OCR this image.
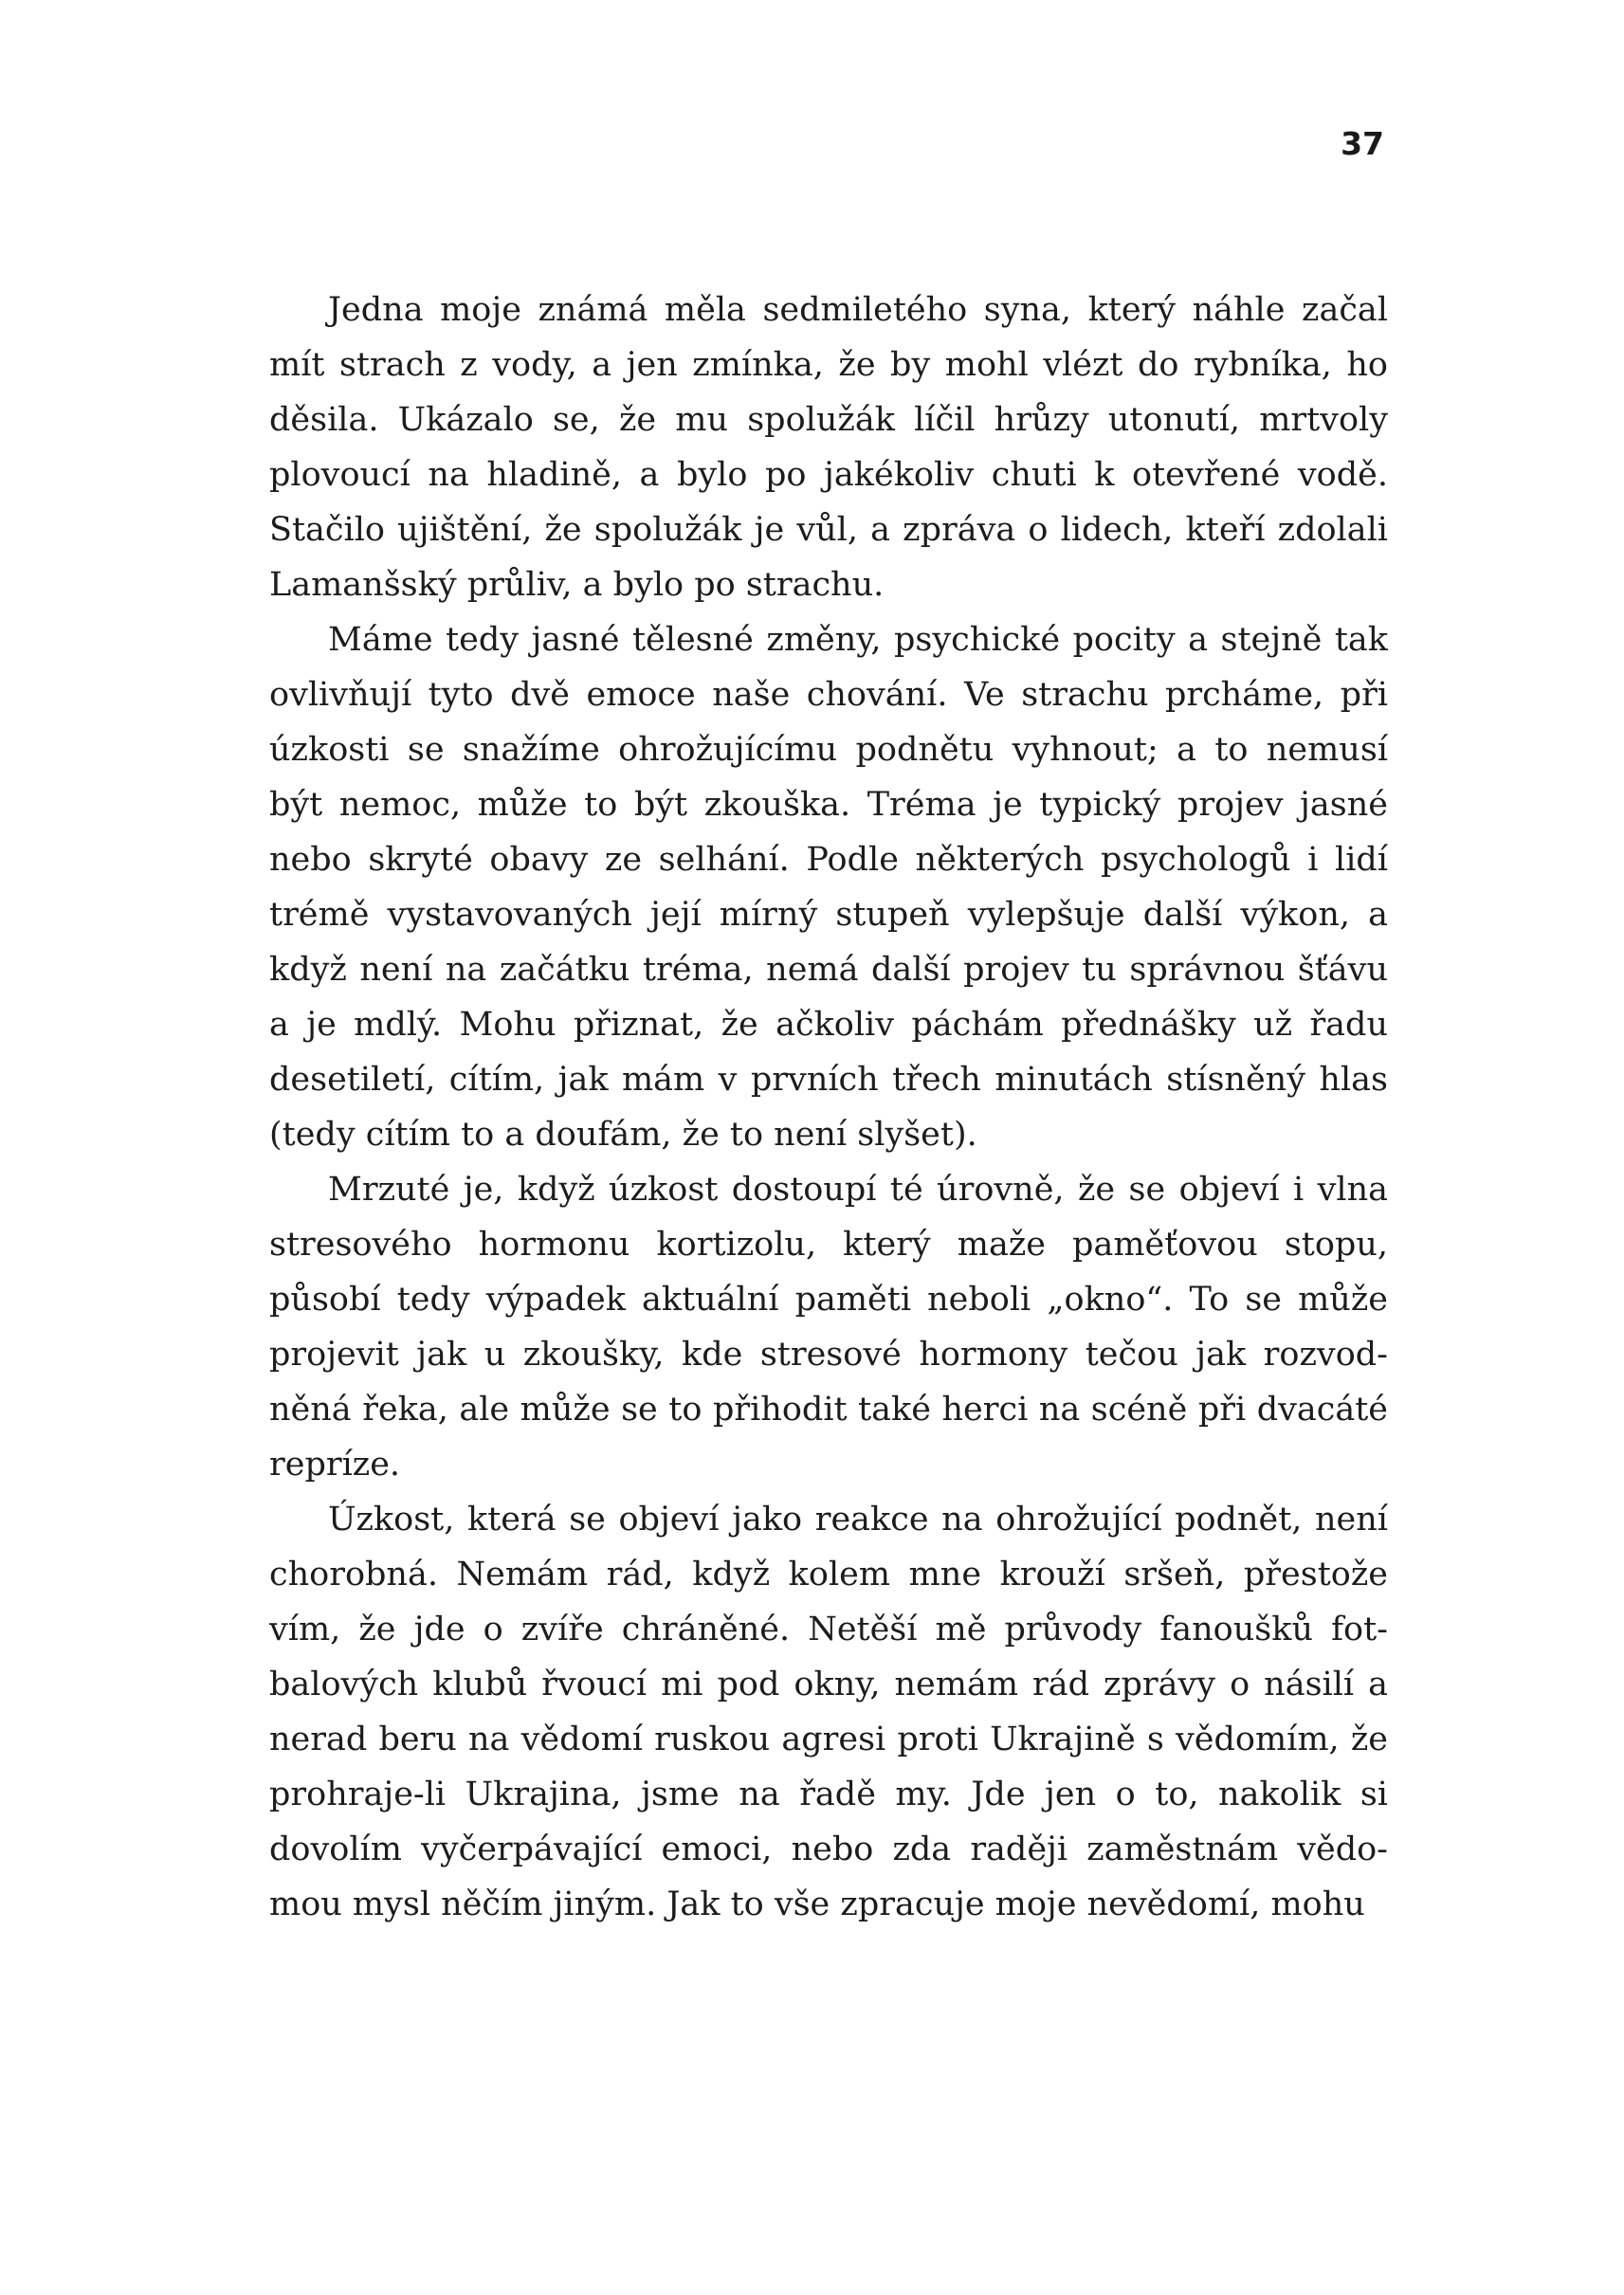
37

Jedna moje známá měla sedmiletého syna, který náhle začal mít strach z vody, a jen zmínka, že by mohl vlézt do rybníka, ho děsila. Ukázalo se, že mu spolužák líčil hrůzy utonutí, mrtvoly plovoucí na hladině, a bylo po jakékoliv chuti k otevřené vodě. Stačilo ujištění, že spolužák je vůl, a zpráva o lidech, kteří zdolali Lamanšský průliv, a bylo po strachu.

Máme tedy jasné tělesné změny, psychické pocity a stejně tak ovlivňují tyto dvě emoce naše chování. Ve strachu prcháme, při úzkosti se snažíme ohrožujícímu podnětu vyhnout; a to nemusí být nemoc, může to být zkouška. Tréma je typický projev jasné nebo skryté obavy ze selhání. Podle některých psychologů i lidí trémě vystavovaných její mírný stupeň vylepšuje další výkon, a když není na začátku tréma, nemá další projev tu správnou šťávu a je mdlý. Mohu přiznat, že ačkoliv páchám přednášky už řadu desetiletí, cítím, jak mám v prvních třech minutách stísněný hlas (tedy cítím to a doufám, že to není slyšet).

Mrzuté je, když úzkost dostoupí té úrovně, že se objeví i vlna stresového hormonu kortizolu, který maže paměťovou stopu, působí tedy výpadek aktuální paměti neboli „okno“. To se může projevit jak u zkoušky, kde stresové hormony tečou jak rozvodněná řeka, ale může se to přihodit také herci na scéně při dvacáté repríze.

Úzkost, která se objeví jako reakce na ohrožující podnět, není chorobná. Nemám rád, když kolem mne krouží sršeň, přestože vím, že jde o zvíře chráněné. Netěší mě průvody fanoušků fotbalových klubů řvoucí mi pod okny, nemám rád zprávy o násilí a nerad beru na vědomí ruskou agresi proti Ukrajině s vědomím, že prohraje-li Ukrajina, jsme na řadě my. Jde jen o to, nakolik si dovolím vyčerpávající emoci, nebo zda raději zaměstnám vědomou mysl něčím jiným. Jak to vše zpracuje moje nevědomí, mohu
